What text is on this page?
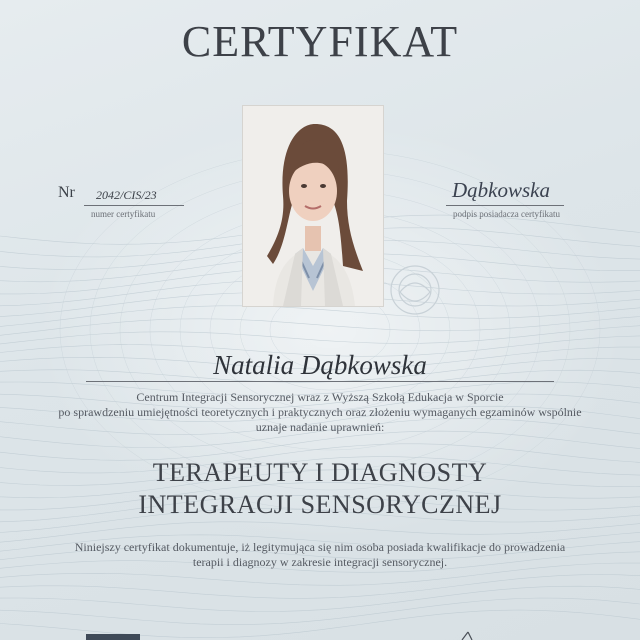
CERTYFIKAT
Nr 2042/CIS/23
numer certyfikatu
Dąbkowska
podpis posiadacza certyfikatu
Natalia Dąbkowska
Centrum Integracji Sensorycznej wraz z Wyższą Szkołą Edukacja w Sporcie
po sprawdzeniu umiejętności teoretycznych i praktycznych oraz złożeniu wymaganych egzaminów wspólnie
uznaje nadanie uprawnień:
TERAPEUTY I DIAGNOSTY
INTEGRACJI SENSORYCZNEJ
Niniejszy certyfikat dokumentuje, iż legitymująca się nim osoba posiada kwalifikacje do prowadzenia
terapii i diagnozy w zakresie integracji sensorycznej.
